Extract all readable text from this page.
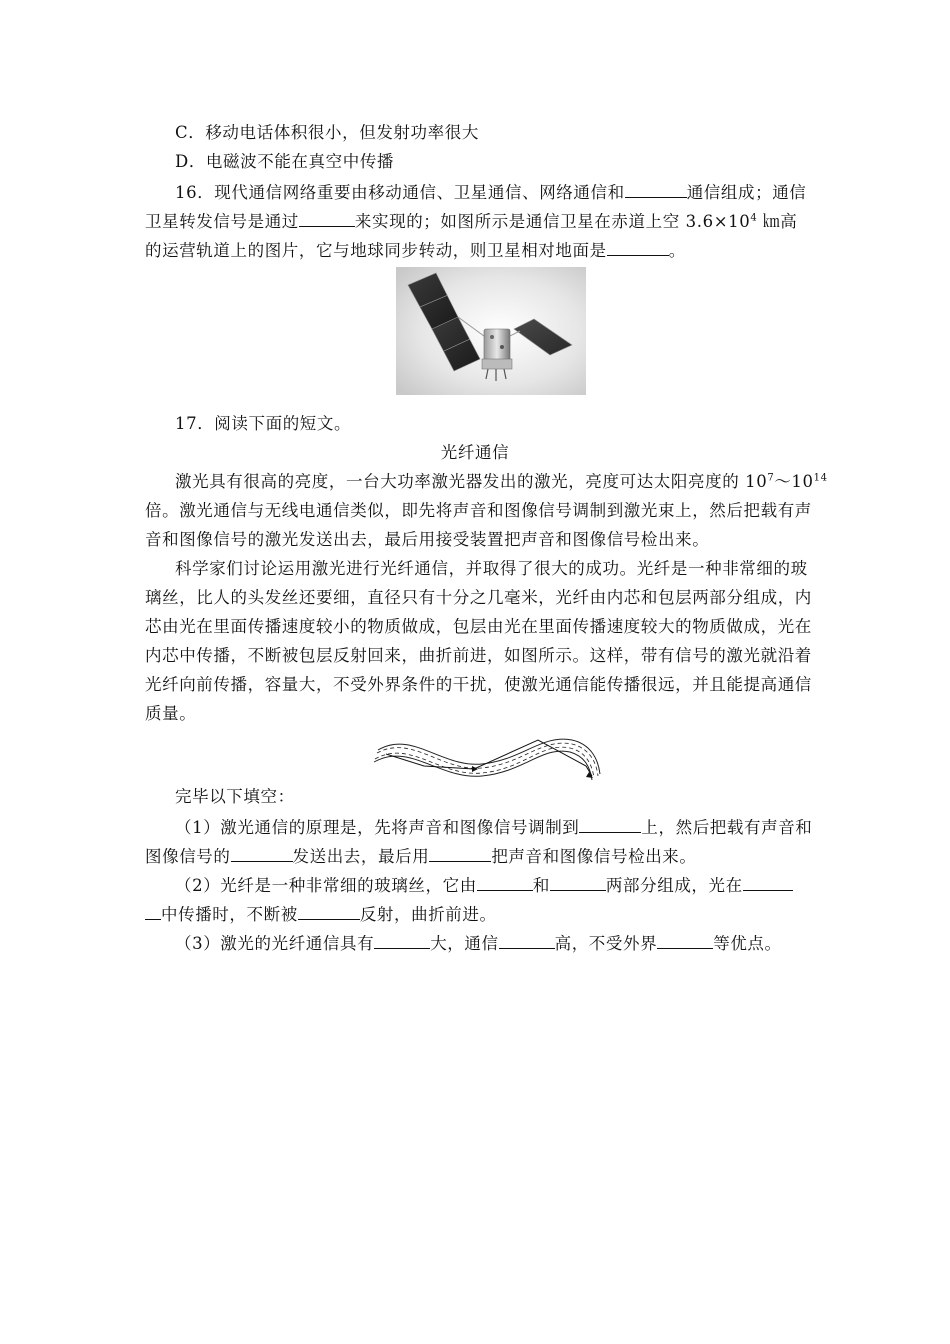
C．移动电话体积很小，但发射功率很大
D．电磁波不能在真空中传播
16．现代通信网络重要由移动通信、卫星通信、网络通信和	通信组成；通信
卫星转发信号是通过	来实现的；如图所示是通信卫星在赤道上空 $3.6\times 10^4$ ㎞高
的运营轨道上的图片，它与地球同步转动，则卫星相对地面是	。
17．阅读下面的短文。
光纤通信
激光具有很高的亮度，一台大功率激光器发出的激光，亮度可达太阳亮度的 $10^7\sim 10^{14}$
倍。激光通信与无线电通信类似，即先将声音和图像信号调制到激光束上，然后把载有声
音和图像信号的激光发送出去，最后用接受装置把声音和图像信号检出来。
科学家们讨论运用激光进行光纤通信，并取得了很大的成功。光纤是一种非常细的玻
璃丝，比人的头发丝还要细，直径只有十分之几毫米，光纤由内芯和包层两部分组成，内
芯由光在里面传播速度较小的物质做成，包层由光在里面传播速度较大的物质做成，光在
内芯中传播，不断被包层反射回来，曲折前进，如图所示。这样，带有信号的激光就沿着
光纤向前传播，容量大，不受外界条件的干扰，使激光通信能传播很远，并且能提高通信
质量。
完毕以下填空：
（1）激光通信的原理是，先将声音和图像信号调制到	上，然后把载有声音和
图像信号的	发送出去，最后用	把声音和图像信号检出来。
（2）光纤是一种非常细的玻璃丝，它由	和	两部分组成，光在
中传播时，不断被	反射，曲折前进。
（3）激光的光纤通信具有	大，通信	高，不受外界	等优点。
